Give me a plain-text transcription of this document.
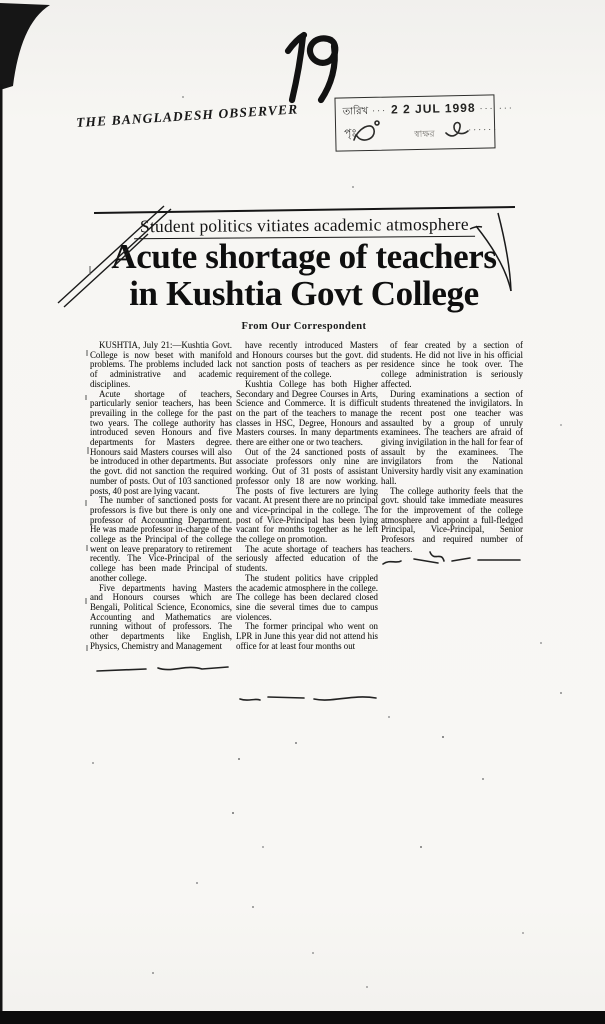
THE BANGLADESH OBSERVER	তারিখ ··· 2 2 JUL 1998 ··· ···
পৃঃ	স্বাক্ষর	······
Student politics vitiates academic atmosphere
Acute shortage of teachers
in Kushtia Govt College
From Our Correspondent

KUSHTIA, July 21:—Kushtia Govt. College is now beset with manifold problems. The problems included lack of administrative and academic disciplines.

Acute shortage of teachers, particularly senior teachers, has been prevailing in the college for the past two years. The college authority has introduced seven Honours and five departments for Masters degree. Honours said Masters courses will also be introduced in other departments. But the govt. did not sanction the required number of posts. Out of 103 sanctioned posts, 40 post are lying vacant.

The number of sanctioned posts for professors is five but there is only one professor of Accounting Department. He was made professor in-charge of the college as the Principal of the college went on leave preparatory to retirement recently. The Vice-Principal of the college has been made Principal of another college.

Five departments having Masters and Honours courses which are Bengali, Political Science, Economics, Accounting and Mathematics are running without of professors. The other departments like English, Physics, Chemistry and Management

have recently introduced Masters and Honours courses but the govt. did not sanction posts of teachers as per requirement of the college.

Kushtia College has both Higher Secondary and Degree Courses in Arts, Science and Commerce. It is difficult on the part of the teachers to manage classes in HSC, Degree, Honours and Masters courses. In many departments there are either one or two teachers.

Out of the 24 sanctioned posts of associate professors only nine are working. Out of 31 posts of assistant professor only 18 are now working. The posts of five lecturers are lying vacant. At present there are no principal and vice-principal in the college. The post of Vice-Principal has been lying vacant for months together as he left the college on promotion.

The acute shortage of teachers has seriously affected education of the students.

The student politics have crippled the academic atmosphere in the college. The college has been declared closed sine die several times due to campus violences.

The former principal who went on LPR in June this year did not attend his office for at least four months out

of fear created by a section of students. He did not live in his official residence since he took over. The college administration is seriously affected.

During examinations a section of students threatened the invigilators. In the recent post one teacher was assaulted by a group of unruly examinees. The teachers are afraid of giving invigilation in the hall for fear of assault by the examinees. The invigilators from the National University hardly visit any examination hall.

The college authority feels that the govt. should take immediate measures for the improvement of the college atmosphere and appoint a full-fledged Principal, Vice-Principal, Senior Profesors and required number of teachers.
